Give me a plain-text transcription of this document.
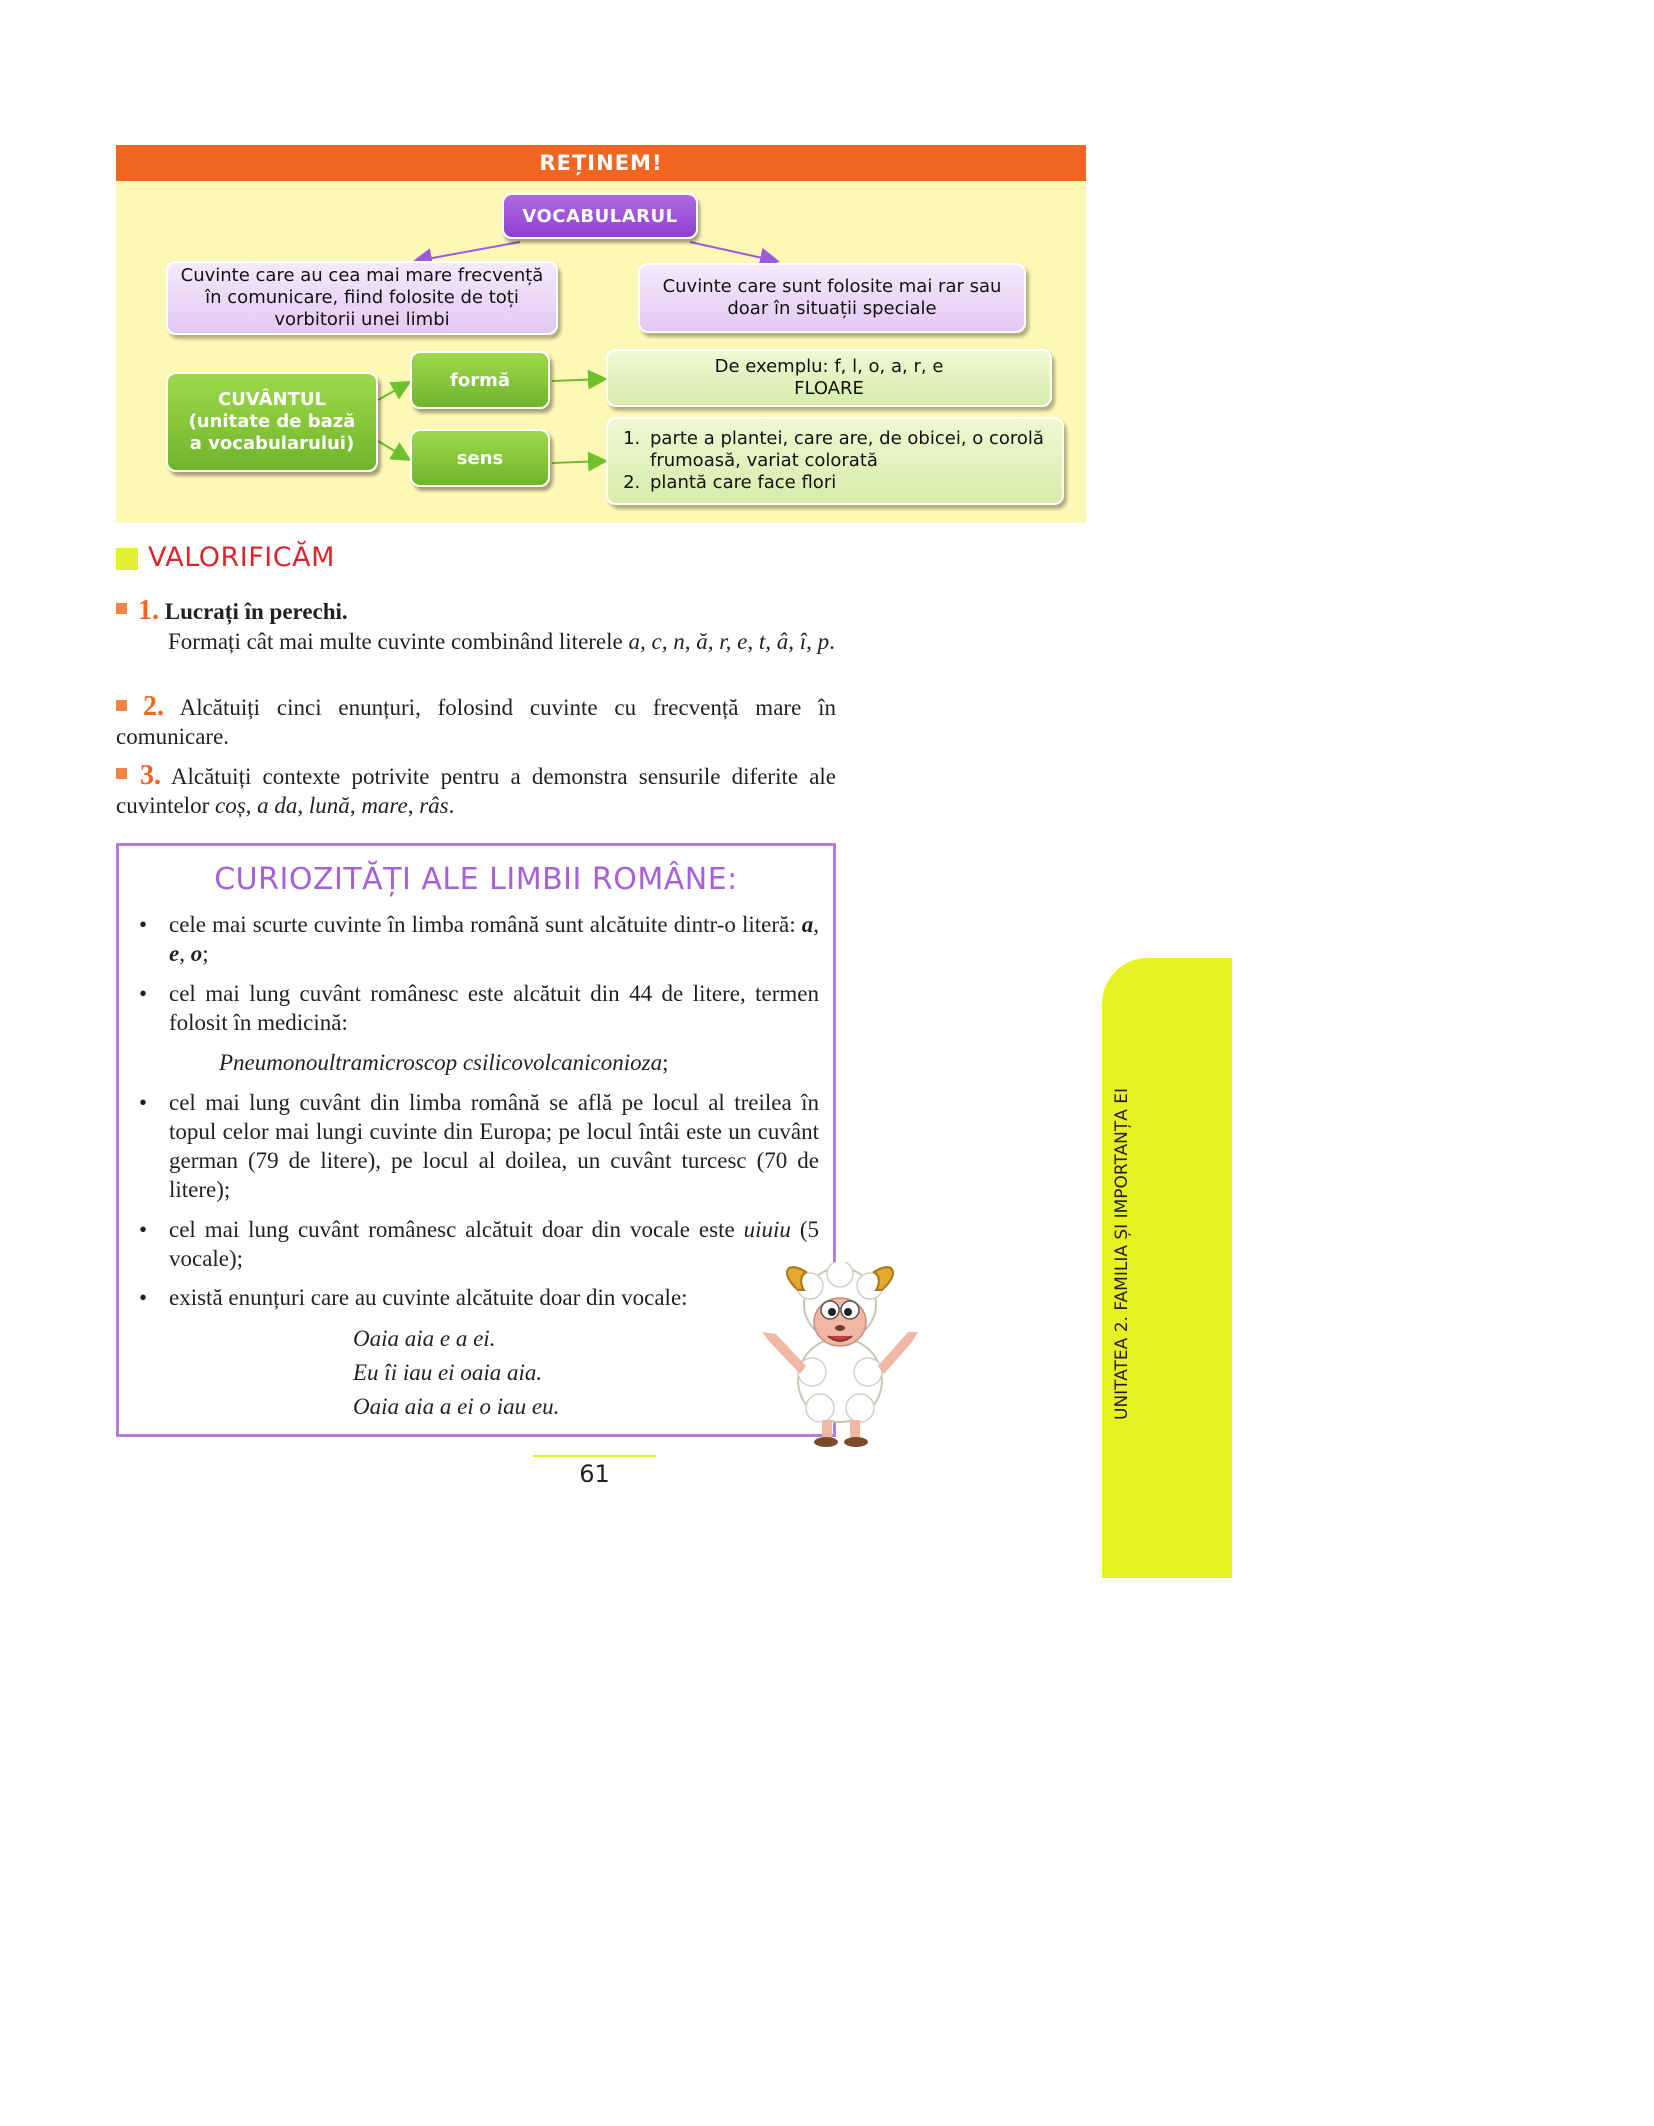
REȚINEM!
VOCABULARUL
Cuvinte care au cea mai mare frecvență în comunicare, fiind folosite de toți vorbitorii unei limbi
Cuvinte care sunt folosite mai rar sau doar în situații speciale
CUVÂNTUL
(unitate de bază
a vocabularului)
formă
sens
De exemplu: f, l, o, a, r, e
FLOARE
1. parte a plantei, care are, de obicei, o corolă frumoasă, variat colorată
2. plantă care face flori
VALORIFICĂM
1. Lucrați în perechi.
Formați cât mai multe cuvinte combinând literele a, c, n, ă, r, e, t, â, î, p.
2. Alcătuiți cinci enunțuri, folosind cuvinte cu frecvență mare în comunicare.
3. Alcătuiți contexte potrivite pentru a demonstra sensurile diferite ale cuvintelor coș, a da, lună, mare, râs.
CURIOZITĂȚI ALE LIMBII ROMÂNE:
• cele mai scurte cuvinte în limba română sunt alcătuite dintr-o literă: a, e, o;
• cel mai lung cuvânt românesc este alcătuit din 44 de litere, termen folosit în medicină:
Pneumonoultramicroscop csilicovolcaniconioza;
• cel mai lung cuvânt din limba română se află pe locul al treilea în topul celor mai lungi cuvinte din Europa; pe locul întâi este un cuvânt german (79 de litere), pe locul al doilea, un cuvânt turcesc (70 de litere);
• cel mai lung cuvânt românesc alcătuit doar din vocale este uiuiu (5 vocale);
• există enunțuri care au cuvinte alcătuite doar din vocale:
Oaia aia e a ei.
Eu îi iau ei oaia aia.
Oaia aia a ei o iau eu.	UNITATEA 2. FAMILIA ȘI IMPORTANȚA EI
61
